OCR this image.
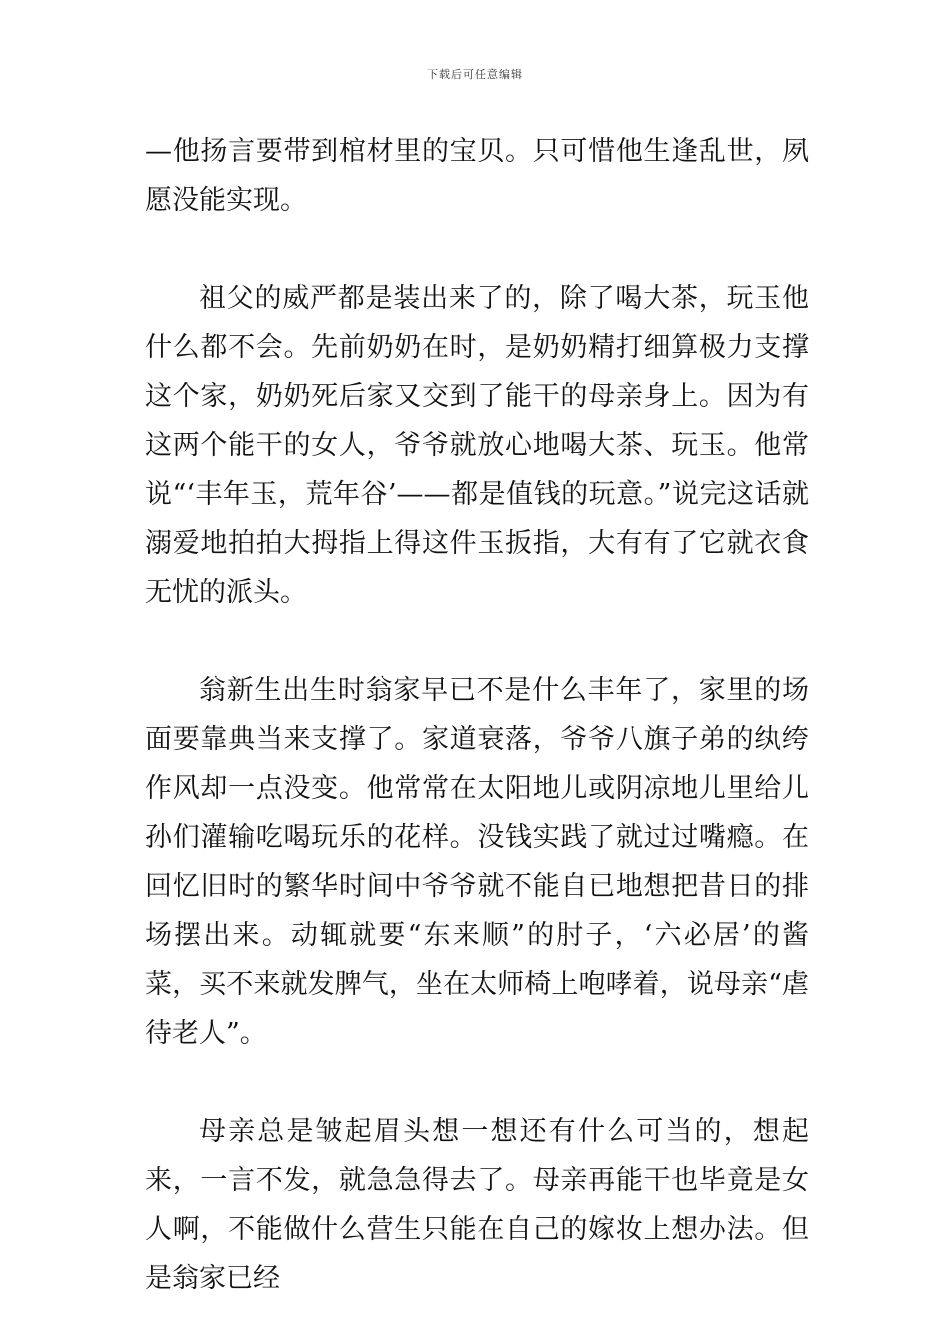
下载后可任意编辑

—他扬言要带到棺材里的宝贝。只可惜他生逢乱世，夙愿没能实现。

祖父的威严都是装出来了的，除了喝大茶，玩玉他什么都不会。先前奶奶在时，是奶奶精打细算极力支撑这个家，奶奶死后家又交到了能干的母亲身上。因为有这两个能干的女人，爷爷就放心地喝大茶、玩玉。他常说“‘丰年玉，荒年谷’——都是值钱的玩意。”说完这话就溺爱地拍拍大拇指上得这件玉扳指，大有有了它就衣食无忧的派头。

翁新生出生时翁家早已不是什么丰年了，家里的场面要靠典当来支撑了。家道衰落，爷爷八旗子弟的纨绔作风却一点没变。他常常在太阳地儿或阴凉地儿里给儿孙们灌输吃喝玩乐的花样。没钱实践了就过过嘴瘾。在回忆旧时的繁华时间中爷爷就不能自已地想把昔日的排场摆出来。动辄就要“东来顺”的肘子，‘六必居’的酱菜，买不来就发脾气，坐在太师椅上咆哮着，说母亲“虐待老人”。

母亲总是皱起眉头想一想还有什么可当的，想起来，一言不发，就急急得去了。母亲再能干也毕竟是女人啊，不能做什么营生只能在自己的嫁妆上想办法。但是翁家已经
